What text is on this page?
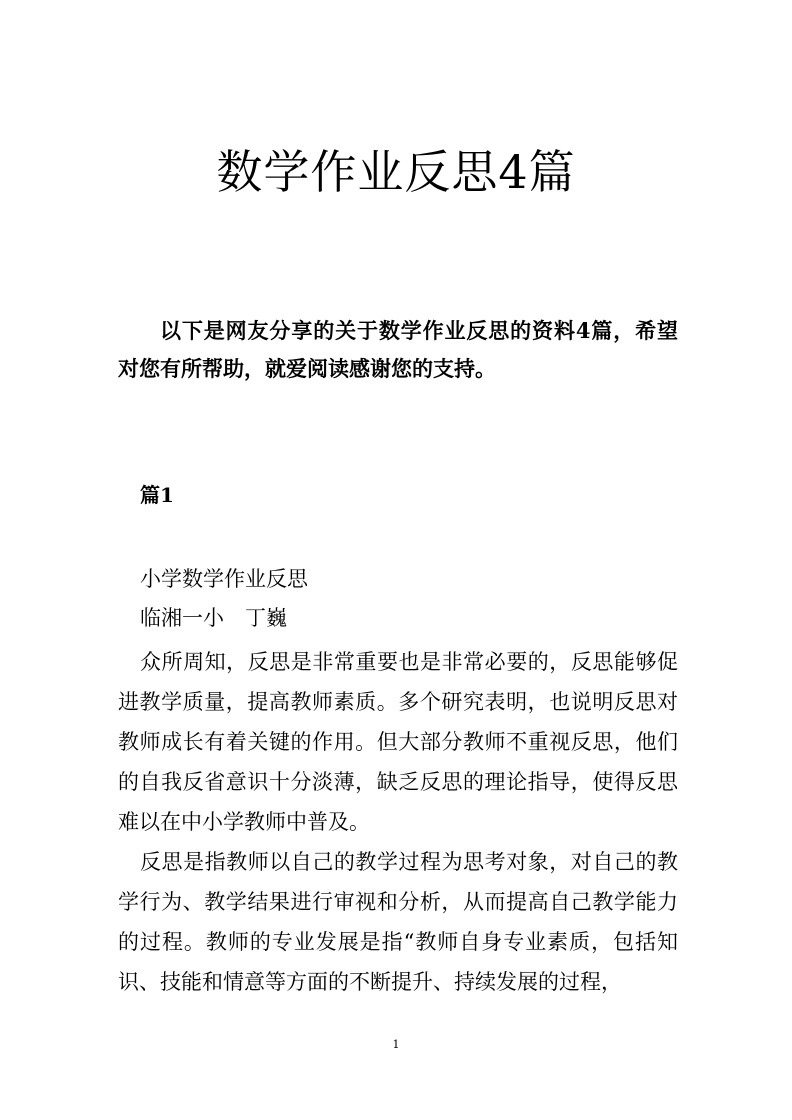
数学作业反思4篇
以下是网友分享的关于数学作业反思的资料4篇，希望对您有所帮助，就爱阅读感谢您的支持。
篇1
小学数学作业反思
临湘一小　丁巍

众所周知，反思是非常重要也是非常必要的，反思能够促进教学质量，提高教师素质。多个研究表明，也说明反思对教师成长有着关键的作用。但大部分教师不重视反思，他们的自我反省意识十分淡薄，缺乏反思的理论指导，使得反思难以在中小学教师中普及。

反思是指教师以自己的教学过程为思考对象，对自己的教学行为、教学结果进行审视和分析，从而提高自己教学能力的过程。教师的专业发展是指“教师自身专业素质，包括知识、技能和情意等方面的不断提升、持续发展的过程，

1
